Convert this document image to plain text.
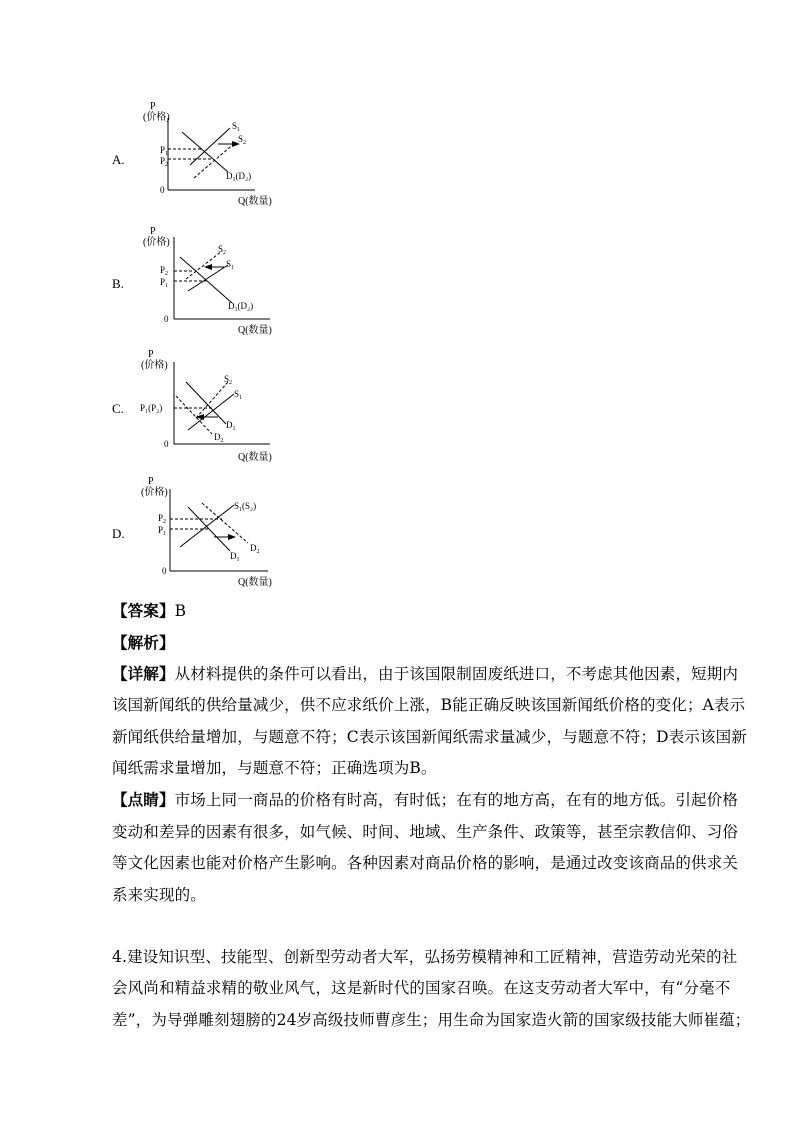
A.
P
(价格)
0
Q(数量)
$P_1$
$P_2$
$S_1$
$S_2$
$D_1(D_2)$
B.
P
(价格)
0
Q(数量)
$P_2$
$P_1$
$S_2$
$S_1$
$D_1(D_2)$
C.
P
(价格)
0
Q(数量)
P₁(P₂)
$S_2$
$S_1$
$D_1$
$D_2$
D.
P
(价格)
0
Q(数量)
$P_2$
$P_1$
$S_1(S_2)$
$D_1$
$D_2$
【答案】B
【解析】
【详解】从材料提供的条件可以看出，由于该国限制固废纸进口，不考虑其他因素，短期内
该国新闻纸的供给量减少，供不应求纸价上涨，B能正确反映该国新闻纸价格的变化；A表示
新闻纸供给量增加，与题意不符；C表示该国新闻纸需求量减少，与题意不符；D表示该国新
闻纸需求量增加，与题意不符；正确选项为B。
【点睛】市场上同一商品的价格有时高，有时低；在有的地方高，在有的地方低。引起价格
变动和差异的因素有很多，如气候、时间、地域、生产条件、政策等，甚至宗教信仰、习俗
等文化因素也能对价格产生影响。各种因素对商品价格的影响，是通过改变该商品的供求关
系来实现的。
4.建设知识型、技能型、创新型劳动者大军，弘扬劳模精神和工匠精神，营造劳动光荣的社
会风尚和精益求精的敬业风气，这是新时代的国家召唤。在这支劳动者大军中，有“分毫不
差”，为导弹雕刻翅膀的24岁高级技师曹彦生；用生命为国家造火箭的国家级技能大师崔蕴；
